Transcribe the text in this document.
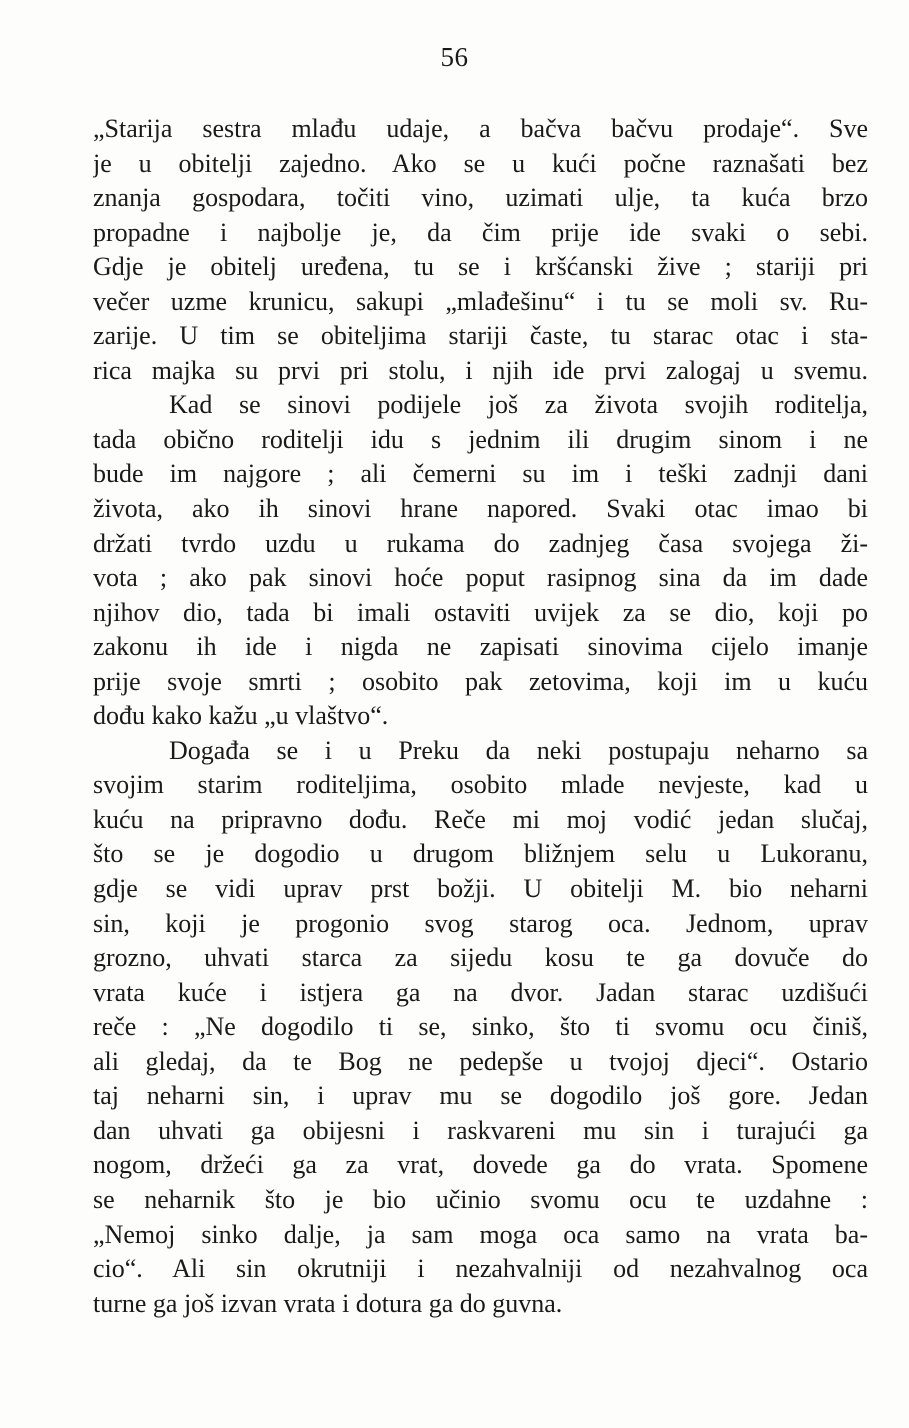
56
„Starija sestra mlađu udaje, a bačva bačvu prodaje“. Sve
je u obitelji zajedno. Ako se u kući počne raznašati bez
znanja gospodara, točiti vino, uzimati ulje, ta kuća brzo
propadne i najbolje je, da čim prije ide svaki o sebi.
Gdje je obitelj uređena, tu se i kršćanski žive ; stariji pri
večer uzme krunicu, sakupi „mlađešinu“ i tu se moli sv. Ru-
zarije. U tim se obiteljima stariji časte, tu starac otac i sta-
rica majka su prvi pri stolu, i njih ide prvi zalogaj u svemu.
Kad se sinovi podijele još za života svojih roditelja,
tada obično roditelji idu s jednim ili drugim sinom i ne
bude im najgore ; ali čemerni su im i teški zadnji dani
života, ako ih sinovi hrane napored. Svaki otac imao bi
držati tvrdo uzdu u rukama do zadnjeg časa svojega ži-
vota ; ako pak sinovi hoće poput rasipnog sina da im dade
njihov dio, tada bi imali ostaviti uvijek za se dio, koji po
zakonu ih ide i nigda ne zapisati sinovima cijelo imanje
prije svoje smrti ; osobito pak zetovima, koji im u kuću
dođu kako kažu „u vlaštvo“.
Događa se i u Preku da neki postupaju neharno sa
svojim starim roditeljima, osobito mlade nevjeste, kad u
kuću na pripravno dođu. Reče mi moj vodić jedan slučaj,
što se je dogodio u drugom bližnjem selu u Lukoranu,
gdje se vidi uprav prst božji. U obitelji M. bio neharni
sin, koji je progonio svog starog oca. Jednom, uprav
grozno, uhvati starca za sijedu kosu te ga dovuče do
vrata kuće i istjera ga na dvor. Jadan starac uzdišući
reče : „Ne dogodilo ti se, sinko, što ti svomu ocu činiš,
ali gledaj, da te Bog ne pedepše u tvojoj djeci“. Ostario
taj neharni sin, i uprav mu se dogodilo još gore. Jedan
dan uhvati ga obijesni i raskvareni mu sin i turajući ga
nogom, držeći ga za vrat, dovede ga do vrata. Spomene
se neharnik što je bio učinio svomu ocu te uzdahne :
„Nemoj sinko dalje, ja sam moga oca samo na vrata ba-
cio“. Ali sin okrutniji i nezahvalniji od nezahvalnog oca
turne ga još izvan vrata i dotura ga do guvna.
